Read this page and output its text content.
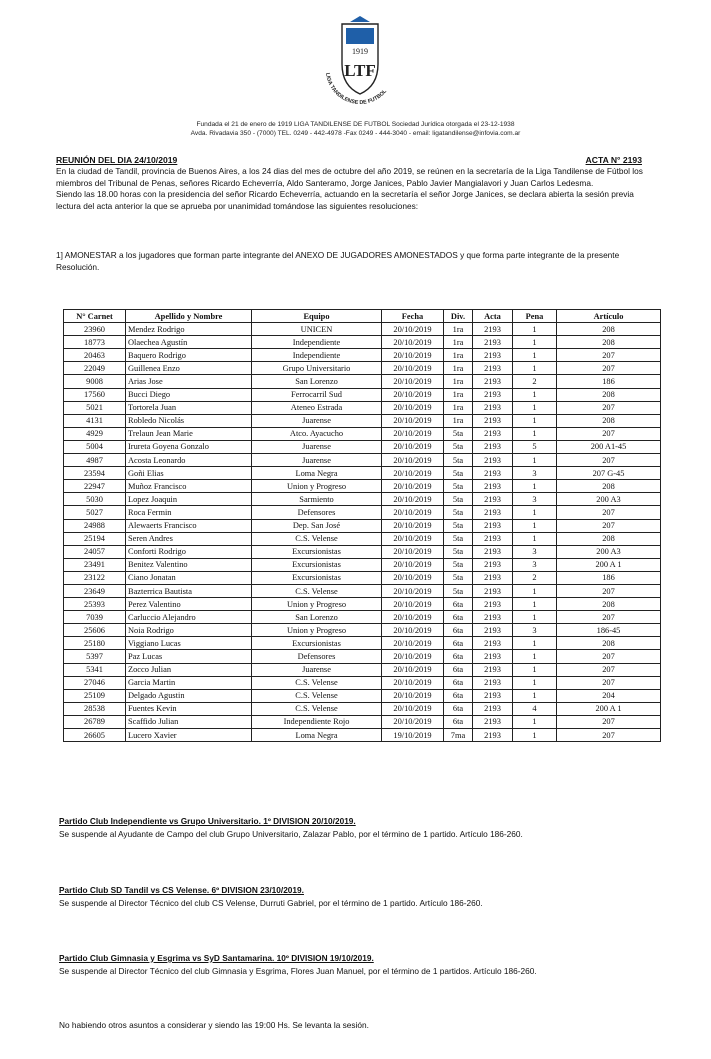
1919
LTF
LIGA TANDILENSE DE FUTBOL
Fundada el 21 de enero de 1919 LIGA TANDILENSE DE FUTBOL Sociedad Jurídica otorgada el 23-12-1938
Avda. Rivadavia 350 - (7000) TEL. 0249 - 442-4978 -Fax 0249 - 444-3040 - email: ligatandilense@infovia.com.ar
REUNIÓN DEL DIA 24/10/2019	ACTA N° 2193
En la ciudad de Tandil, provincia de Buenos Aires, a los 24 dias del mes de octubre del año 2019, se reúnen en la secretaría de la Liga Tandilense de Fútbol los miembros del Tribunal de Penas, señores Ricardo Echeverría, Aldo Santeramo, Jorge Janices, Pablo Javier Mangialavori y Juan Carlos Ledesma.
Siendo las 18.00 horas con la presidencia del señor Ricardo Echeverría, actuando en la secretaría el señor Jorge Janices, se declara abierta la sesión previa lectura del acta anterior la que se aprueba por unanimidad tomándose las siguientes resoluciones:
1] AMONESTAR a los jugadores que forman parte integrante del ANEXO DE JUGADORES AMONESTADOS y que forma parte integrante de la presente Resolución.
N° Carnet	Apellido y Nombre	Equipo	Fecha	Div.	Acta	Pena	Artículo
23960	Mendez Rodrigo	UNICEN	20/10/2019	1ra	2193	1	208
18773	Olaechea Agustín	Independiente	20/10/2019	1ra	2193	1	208
20463	Baquero Rodrigo	Independiente	20/10/2019	1ra	2193	1	207
22049	Guillenea Enzo	Grupo Universitario	20/10/2019	1ra	2193	1	207
9008	Arias Jose	San Lorenzo	20/10/2019	1ra	2193	2	186
17560	Bucci Diego	Ferrocarril Sud	20/10/2019	1ra	2193	1	208
5021	Tortorela Juan	Ateneo Estrada	20/10/2019	1ra	2193	1	207
4131	Robledo Nicolás	Juarense	20/10/2019	1ra	2193	1	208
4929	Trelaun Jean Marie	Atco. Ayacucho	20/10/2019	5ta	2193	1	207
5004	Irureta Goyena Gonzalo	Juarense	20/10/2019	5ta	2193	5	200 A1-45
4987	Acosta Leonardo	Juarense	20/10/2019	5ta	2193	1	207
23594	Goñi Elias	Loma Negra	20/10/2019	5ta	2193	3	207 G-45
22947	Muñoz Francisco	Union y Progreso	20/10/2019	5ta	2193	1	208
5030	Lopez Joaquin	Sarmiento	20/10/2019	5ta	2193	3	200 A3
5027	Roca Fermin	Defensores	20/10/2019	5ta	2193	1	207
24988	Alewaerts Francisco	Dep. San José	20/10/2019	5ta	2193	1	207
25194	Seren Andres	C.S. Velense	20/10/2019	5ta	2193	1	208
24057	Conforti Rodrigo	Excursionistas	20/10/2019	5ta	2193	3	200 A3
23491	Benitez Valentino	Excursionistas	20/10/2019	5ta	2193	3	200 A 1
23122	Ciano Jonatan	Excursionistas	20/10/2019	5ta	2193	2	186
23649	Bazterrica Bautista	C.S. Velense	20/10/2019	5ta	2193	1	207
25393	Perez Valentino	Union y Progreso	20/10/2019	6ta	2193	1	208
7039	Carluccio Alejandro	San Lorenzo	20/10/2019	6ta	2193	1	207
25606	Noia Rodrigo	Union y Progreso	20/10/2019	6ta	2193	3	186-45
25180	Viggiano Lucas	Excursionistas	20/10/2019	6ta	2193	1	208
5397	Paz Lucas	Defensores	20/10/2019	6ta	2193	1	207
5341	Zocco Julian	Juarense	20/10/2019	6ta	2193	1	207
27046	Garcia Martin	C.S. Velense	20/10/2019	6ta	2193	1	207
25109	Delgado Agustin	C.S. Velense	20/10/2019	6ta	2193	1	204
28538	Fuentes Kevin	C.S. Velense	20/10/2019	6ta	2193	4	200 A 1
26789	Scaffido Julian	Independiente Rojo	20/10/2019	6ta	2193	1	207
26605	Lucero Xavier	Loma Negra	19/10/2019	7ma	2193	1	207
Partido Club Independiente vs Grupo Universitario. 1º DIVISION 20/10/2019.
Se suspende al Ayudante de Campo del club Grupo Universitario, Zalazar Pablo, por el término de 1 partido. Artículo 186-260.
Partido Club SD Tandil vs CS Velense. 6º DIVISION 23/10/2019.
Se suspende al Director Técnico del club CS Velense, Durruti Gabriel, por el término de 1 partido. Artículo 186-260.
Partido Club Gimnasia y Esgrima vs SyD Santamarina. 10º DIVISION 19/10/2019.
Se suspende al Director Técnico del club Gimnasia y Esgrima, Flores Juan Manuel, por el término de 1 partidos. Artículo 186-260.
No habiendo otros asuntos a considerar y siendo las 19:00 Hs. Se levanta la sesión.
